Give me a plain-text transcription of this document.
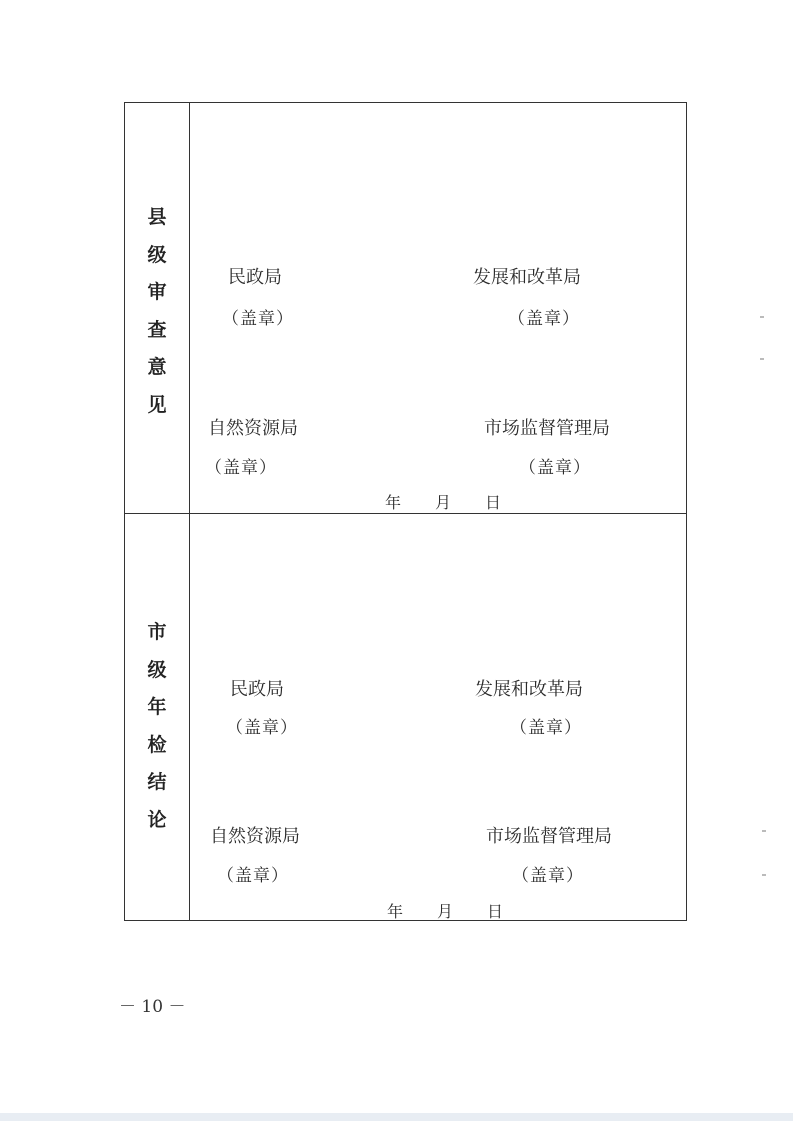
县
级
审
查
意
见
民政局
（盖章）
发展和改革局
（盖章）
自然资源局
（盖章）
市场监督管理局
（盖章）
年 月 日
市
级
年
检
结
论
民政局
（盖章）
发展和改革局
（盖章）
自然资源局
（盖章）
市场监督管理局
（盖章）
年 月 日
－ 10 －
